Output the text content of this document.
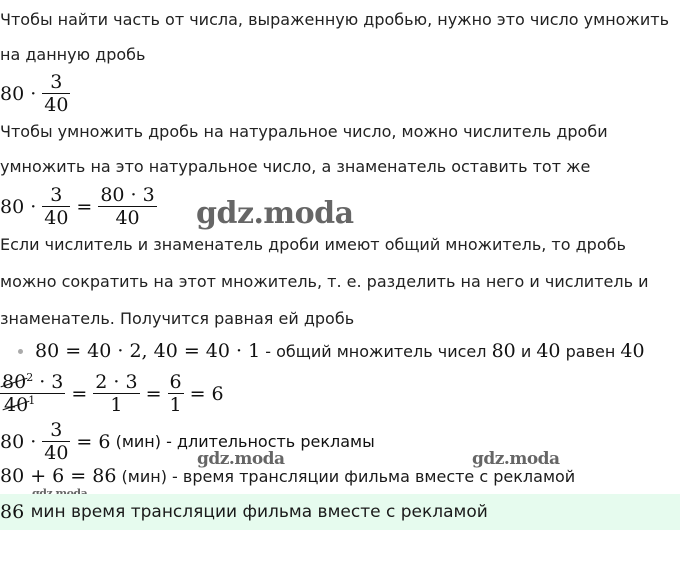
Чтобы найти часть от числа, выраженную дробью, нужно это число умножить
на данную дробь
$80 \cdot \frac{3}{40}$
Чтобы умножить дробь на натуральное число, можно числитель дроби
умножить на это натуральное число, а знаменатель оставить тот же
$80 \cdot \frac{3}{40} = \frac{80 \cdot 3}{40}$ gdz.moda
Если числитель и знаменатель дроби имеют общий множитель, то дробь
можно сократить на этот множитель, т. е. разделить на него и числитель и
знаменатель. Получится равная ей дробь
80 = 40 · 2, 40 = 40 · 1 - общий множитель чисел 80 и 40 равен 40
$\frac{80^2 \cdot 3}{40^1} = \frac{2 \cdot 3}{1} = \frac{6}{1} = 6$
$80 \cdot \frac{3}{40} = 6$ (мин) - длительность рекламы
gdz.moda	gdz.moda
80 + 6 = 86 (мин) - время трансляции фильма вместе с рекламой
86 мин время трансляции фильма вместе с рекламой
